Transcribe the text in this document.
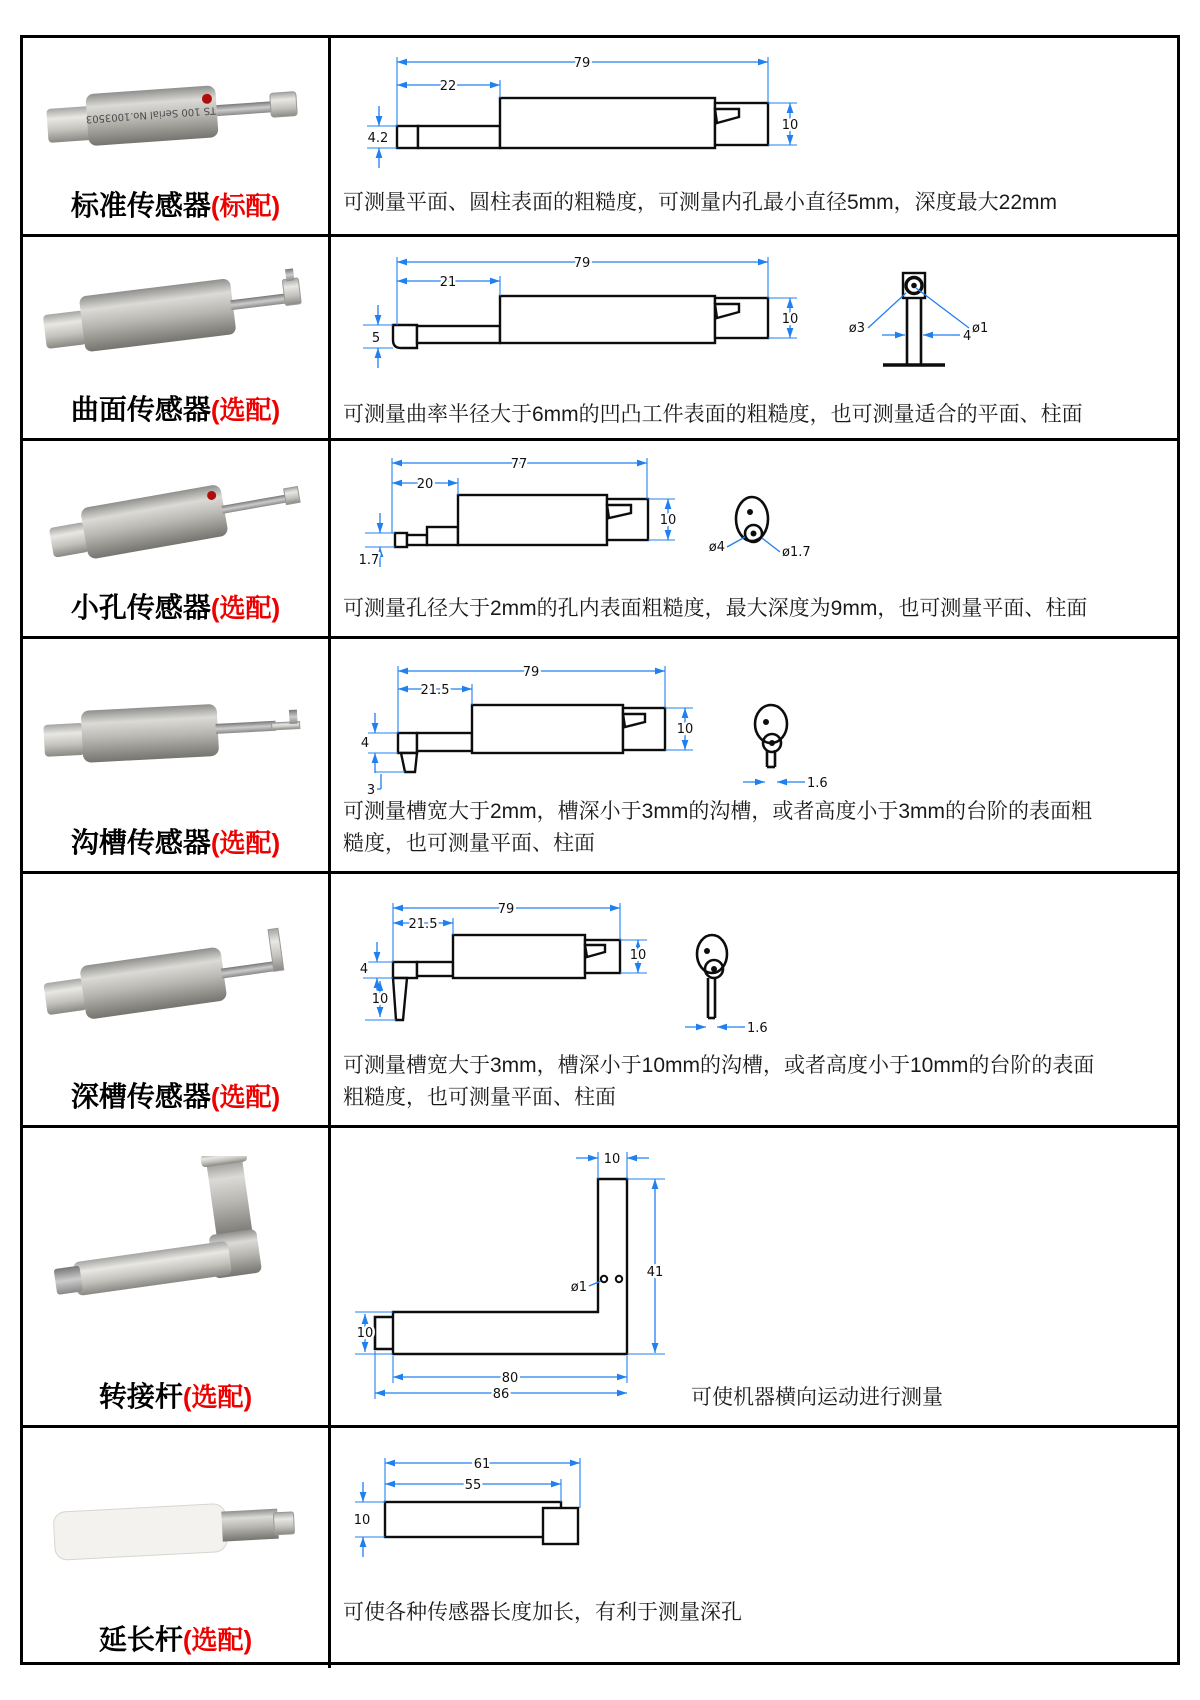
TS 100 Serial No.1003503
标准传感器(标配)
79
22
4.2
10
可测量平面、圆柱表面的粗糙度，可测量内孔最小直径5mm，深度最大22mm
曲面传感器(选配)
79
21
5
10
4
ø3	ø1
可测量曲率半径大于6mm的凹凸工件表面的粗糙度，也可测量适合的平面、柱面
小孔传感器(选配)
77
20
1.7
10
ø4	ø1.7
可测量孔径大于2mm的孔内表面粗糙度，最大深度为9mm，也可测量平面、柱面
沟槽传感器(选配)
79
21.5
4
3
10
1.6
可测量槽宽大于2mm，槽深小于3mm的沟槽，或者高度小于3mm的台阶的表面粗糙度，也可测量平面、柱面
深槽传感器(选配)
79
21.5
4
10
10
1.6
可测量槽宽大于3mm，槽深小于10mm的沟槽，或者高度小于10mm的台阶的表面粗糙度，也可测量平面、柱面
转接杆(选配)
10
41
ø1
10
80
86	可使机器横向运动进行测量
延长杆(选配)
61
55
10
可使各种传感器长度加长，有利于测量深孔
